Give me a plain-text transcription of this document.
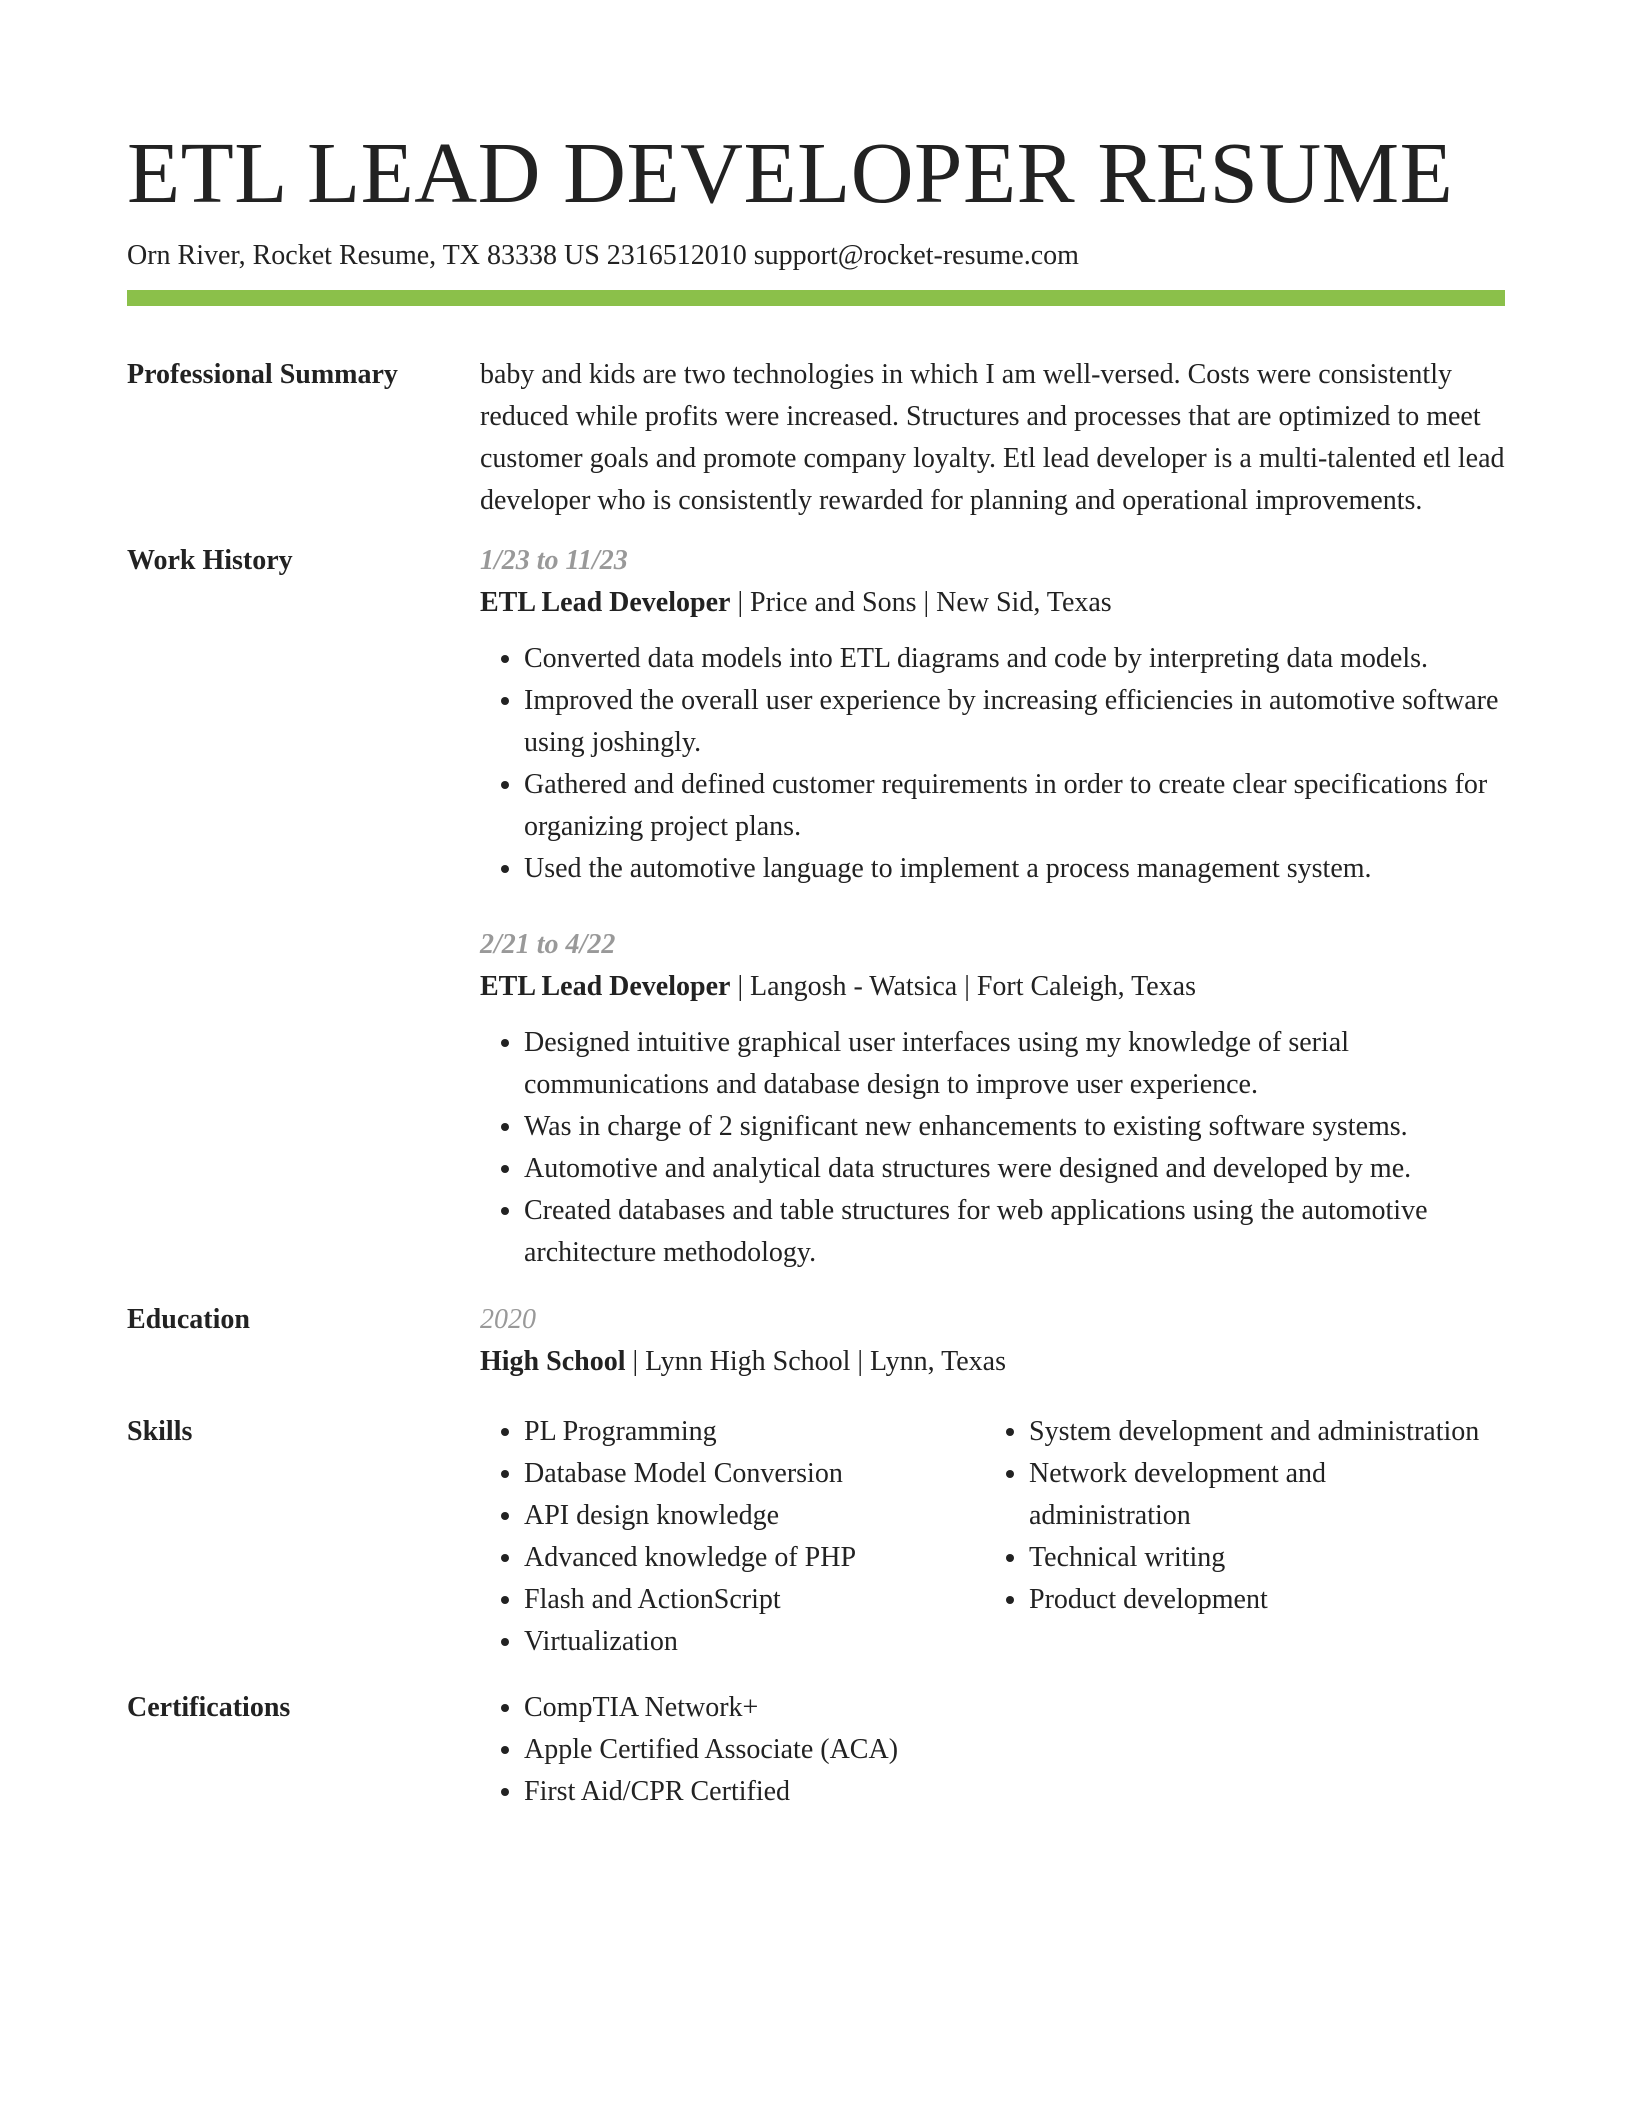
ETL LEAD DEVELOPER RESUME
Orn River, Rocket Resume, TX 83338 US 2316512010 support@rocket-resume.com
Professional Summary	baby and kids are two technologies in which I am well-versed. Costs were consistently reduced while profits were increased. Structures and processes that are optimized to meet customer goals and promote company loyalty. Etl lead developer is a multi-talented etl lead developer who is consistently rewarded for planning and operational improvements.

Work History	1/23 to 11/23
ETL Lead Developer | Price and Sons | New Sid, Texas
• Converted data models into ETL diagrams and code by interpreting data models.
• Improved the overall user experience by increasing efficiencies in automotive software using joshingly.
• Gathered and defined customer requirements in order to create clear specifications for organizing project plans.
• Used the automotive language to implement a process management system.
2/21 to 4/22
ETL Lead Developer | Langosh - Watsica | Fort Caleigh, Texas
• Designed intuitive graphical user interfaces using my knowledge of serial communications and database design to improve user experience.
• Was in charge of 2 significant new enhancements to existing software systems.
• Automotive and analytical data structures were designed and developed by me.
• Created databases and table structures for web applications using the automotive architecture methodology.
Education	2020
High School | Lynn High School | Lynn, Texas
Skills	• PL Programming
• Database Model Conversion
• API design knowledge
• Advanced knowledge of PHP
• Flash and ActionScript
• Virtualization
• System development and administration
• Network development and administration
• Technical writing
• Product development
Certifications	• CompTIA Network+
• Apple Certified Associate (ACA)
• First Aid/CPR Certified
